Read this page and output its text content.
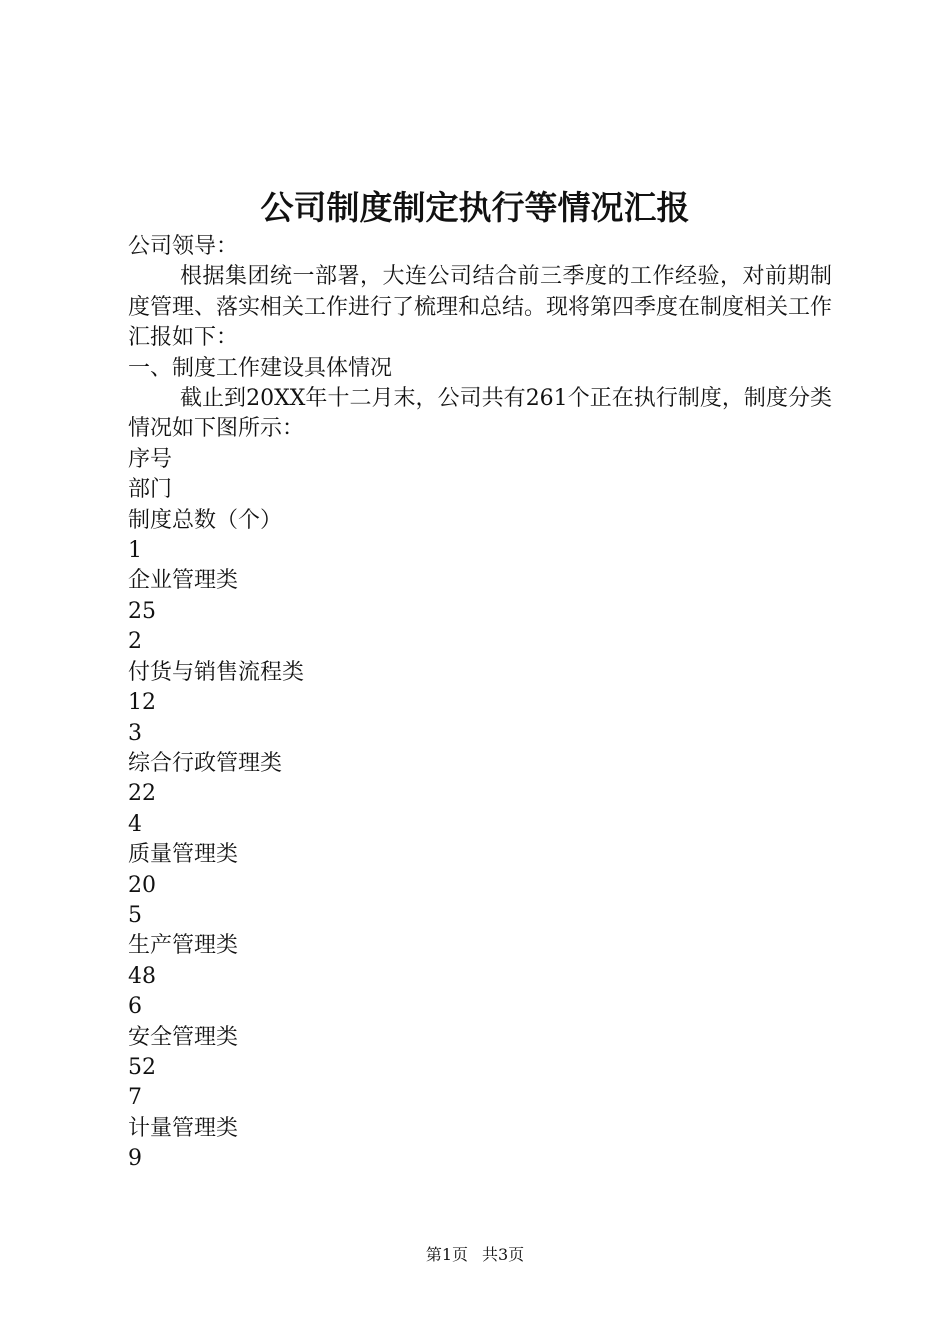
公司制度制定执行等情况汇报

公司领导：

根据集团统一部署，大连公司结合前三季度的工作经验，对前期制度管理、落实相关工作进行了梳理和总结。现将第四季度在制度相关工作汇报如下：

一、制度工作建设具体情况

截止到20XX年十二月末，公司共有261个正在执行制度，制度分类情况如下图所示：

序号

部门

制度总数（个）

1

企业管理类

25

2

付货与销售流程类

12

3

综合行政管理类

22

4

质量管理类

20

5

生产管理类

48

6

安全管理类

52

7

计量管理类

9

第1页 共3页
